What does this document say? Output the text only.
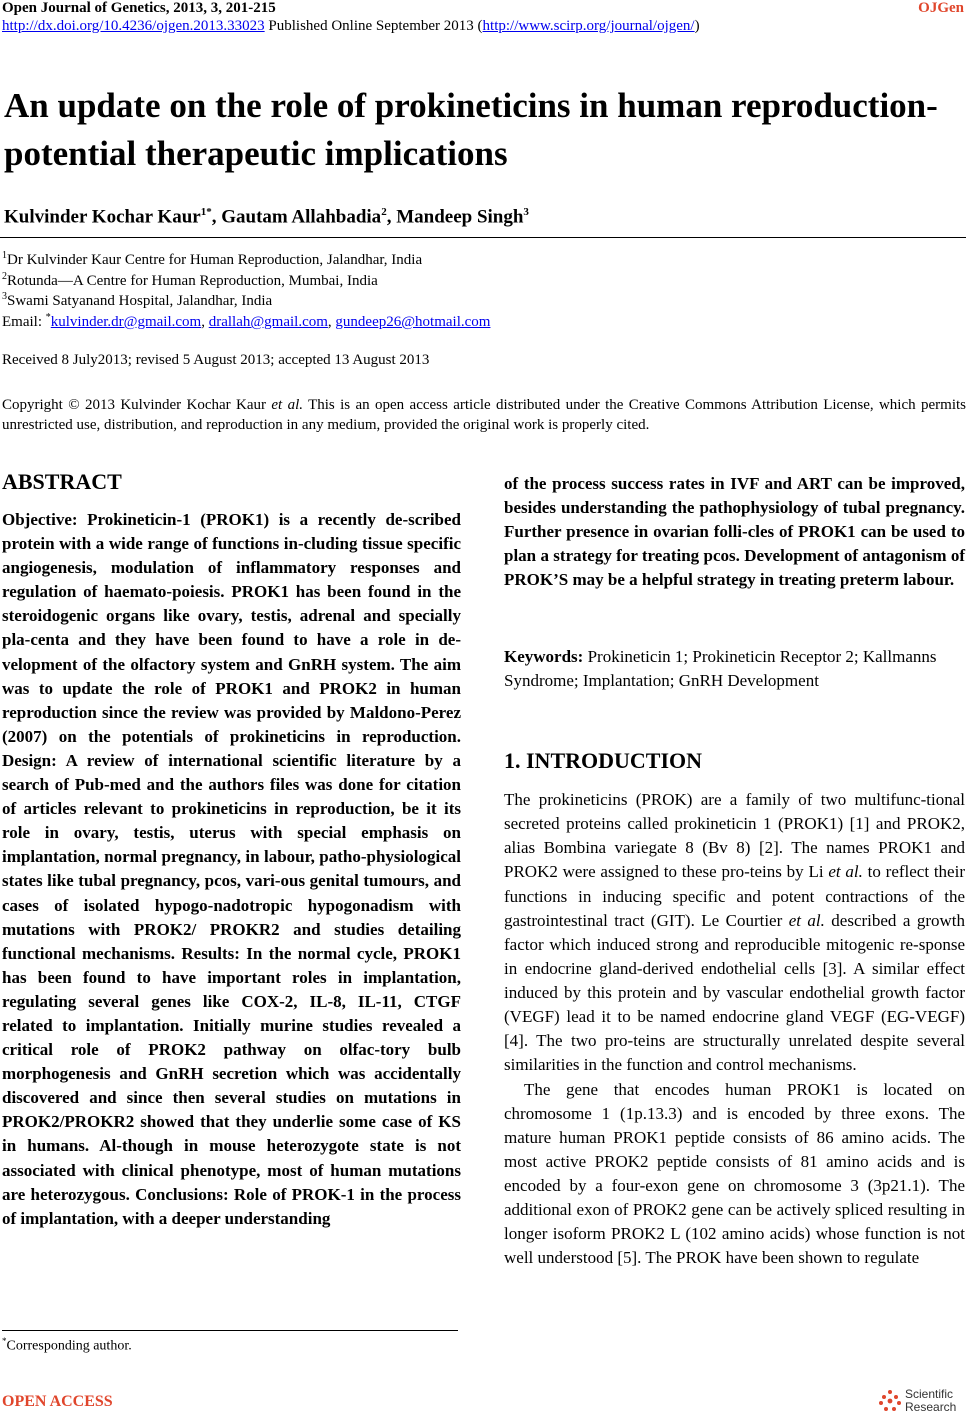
Open Journal of Genetics, 2013, 3, 201-215	OJGen
http://dx.doi.org/10.4236/ojgen.2013.33023 Published Online September 2013 (http://www.scirp.org/journal/ojgen/)
An update on the role of prokineticins in human reproduction-potential therapeutic implications
Kulvinder Kochar Kaur$^{1*}$, Gautam Allahbadia$^2$, Mandeep Singh$^3$
$^1$Dr Kulvinder Kaur Centre for Human Reproduction, Jalandhar, India
$^2$Rotunda—A Centre for Human Reproduction, Mumbai, India
$^3$Swami Satyanand Hospital, Jalandhar, India
Email: *kulvinder.dr@gmail.com, drallah@gmail.com, gundeep26@hotmail.com
Received 8 July2013; revised 5 August 2013; accepted 13 August 2013
Copyright © 2013 Kulvinder Kochar Kaur et al. This is an open access article distributed under the Creative Commons Attribution License, which permits unrestricted use, distribution, and reproduction in any medium, provided the original work is properly cited.
ABSTRACT
Objective: Prokineticin-1 (PROK1) is a recently de-scribed protein with a wide range of functions in-cluding tissue specific angiogenesis, modulation of inflammatory responses and regulation of haemato-poiesis. PROK1 has been found in the steroidogenic organs like ovary, testis, adrenal and specially pla-centa and they have been found to have a role in de-velopment of the olfactory system and GnRH system. The aim was to update the role of PROK1 and PROK2 in human reproduction since the review was provided by Maldono-Perez (2007) on the potentials of prokineticins in reproduction. Design: A review of international scientific literature by a search of Pub-med and the authors files was done for citation of articles relevant to prokineticins in reproduction, be it its role in ovary, testis, uterus with special emphasis on implantation, normal pregnancy, in labour, patho-physiological states like tubal pregnancy, pcos, vari-ous genital tumours, and cases of isolated hypogo-nadotropic hypogonadism with mutations with PROK2/ PROKR2 and studies detailing functional mechanisms. Results: In the normal cycle, PROK1 has been found to have important roles in implantation, regulating several genes like COX-2, IL-8, IL-11, CTGF related to implantation. Initially murine studies revealed a critical role of PROK2 pathway on olfac-tory bulb morphogenesis and GnRH secretion which was accidentally discovered and since then several studies on mutations in PROK2/PROKR2 showed that they underlie some case of KS in humans. Al-though in mouse heterozygote state is not associated with clinical phenotype, most of human mutations are heterozygous. Conclusions: Role of PROK-1 in the process of implantation, with a deeper understanding
of the process success rates in IVF and ART can be improved, besides understanding the pathophysiology of tubal pregnancy. Further presence in ovarian folli-cles of PROK1 can be used to plan a strategy for treating pcos. Development of antagonism of PROK’S may be a helpful strategy in treating preterm labour.
Keywords: Prokineticin 1; Prokineticin Receptor 2; Kallmanns Syndrome; Implantation; GnRH Development
1. INTRODUCTION

The prokineticins (PROK) are a family of two multifunc-tional secreted proteins called prokineticin 1 (PROK1) [1] and PROK2, alias Bombina variegate 8 (Bv 8) [2]. The names PROK1 and PROK2 were assigned to these pro-teins by Li et al. to reflect their functions in inducing specific and potent contractions of the gastrointestinal tract (GIT). Le Courtier et al. described a growth factor which induced strong and reproducible mitogenic re-sponse in endocrine gland-derived endothelial cells [3]. A similar effect induced by this protein and by vascular endothelial growth factor (VEGF) lead it to be named endocrine gland VEGF (EG-VEGF) [4]. The two pro-teins are structurally unrelated despite several similarities in the function and control mechanisms.

The gene that encodes human PROK1 is located on chromosome 1 (1p.13.3) and is encoded by three exons. The mature human PROK1 peptide consists of 86 amino acids. The most active PROK2 peptide consists of 81 amino acids and is encoded by a four-exon gene on chromosome 3 (3p21.1). The additional exon of PROK2 gene can be actively spliced resulting in longer isoform PROK2 L (102 amino acids) whose function is not well understood [5]. The PROK have been shown to regulate

*Corresponding author.
OPEN ACCESS	Scientific
Research
